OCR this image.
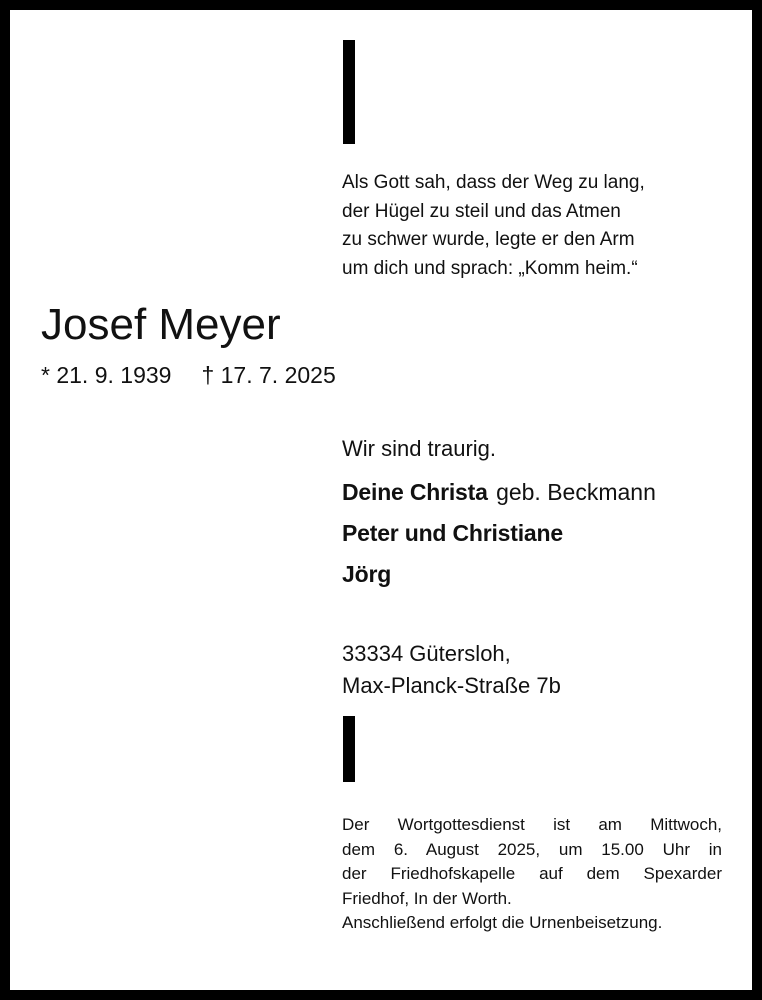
Als Gott sah, dass der Weg zu lang,
der Hügel zu steil und das Atmen
zu schwer wurde, legte er den Arm
um dich und sprach: „Komm heim.“
Josef Meyer
* 21. 9. 1939 † 17. 7. 2025
Wir sind traurig.
Deine Christa geb. Beckmann
Peter und Christiane
Jörg
33334 Gütersloh,
Max-Planck-Straße 7b
Der Wortgottesdienst ist am Mittwoch,
dem 6. August 2025, um 15.00 Uhr in
der Friedhofskapelle auf dem Spexarder
Friedhof, In der Worth.
Anschließend erfolgt die Urnenbeisetzung.
